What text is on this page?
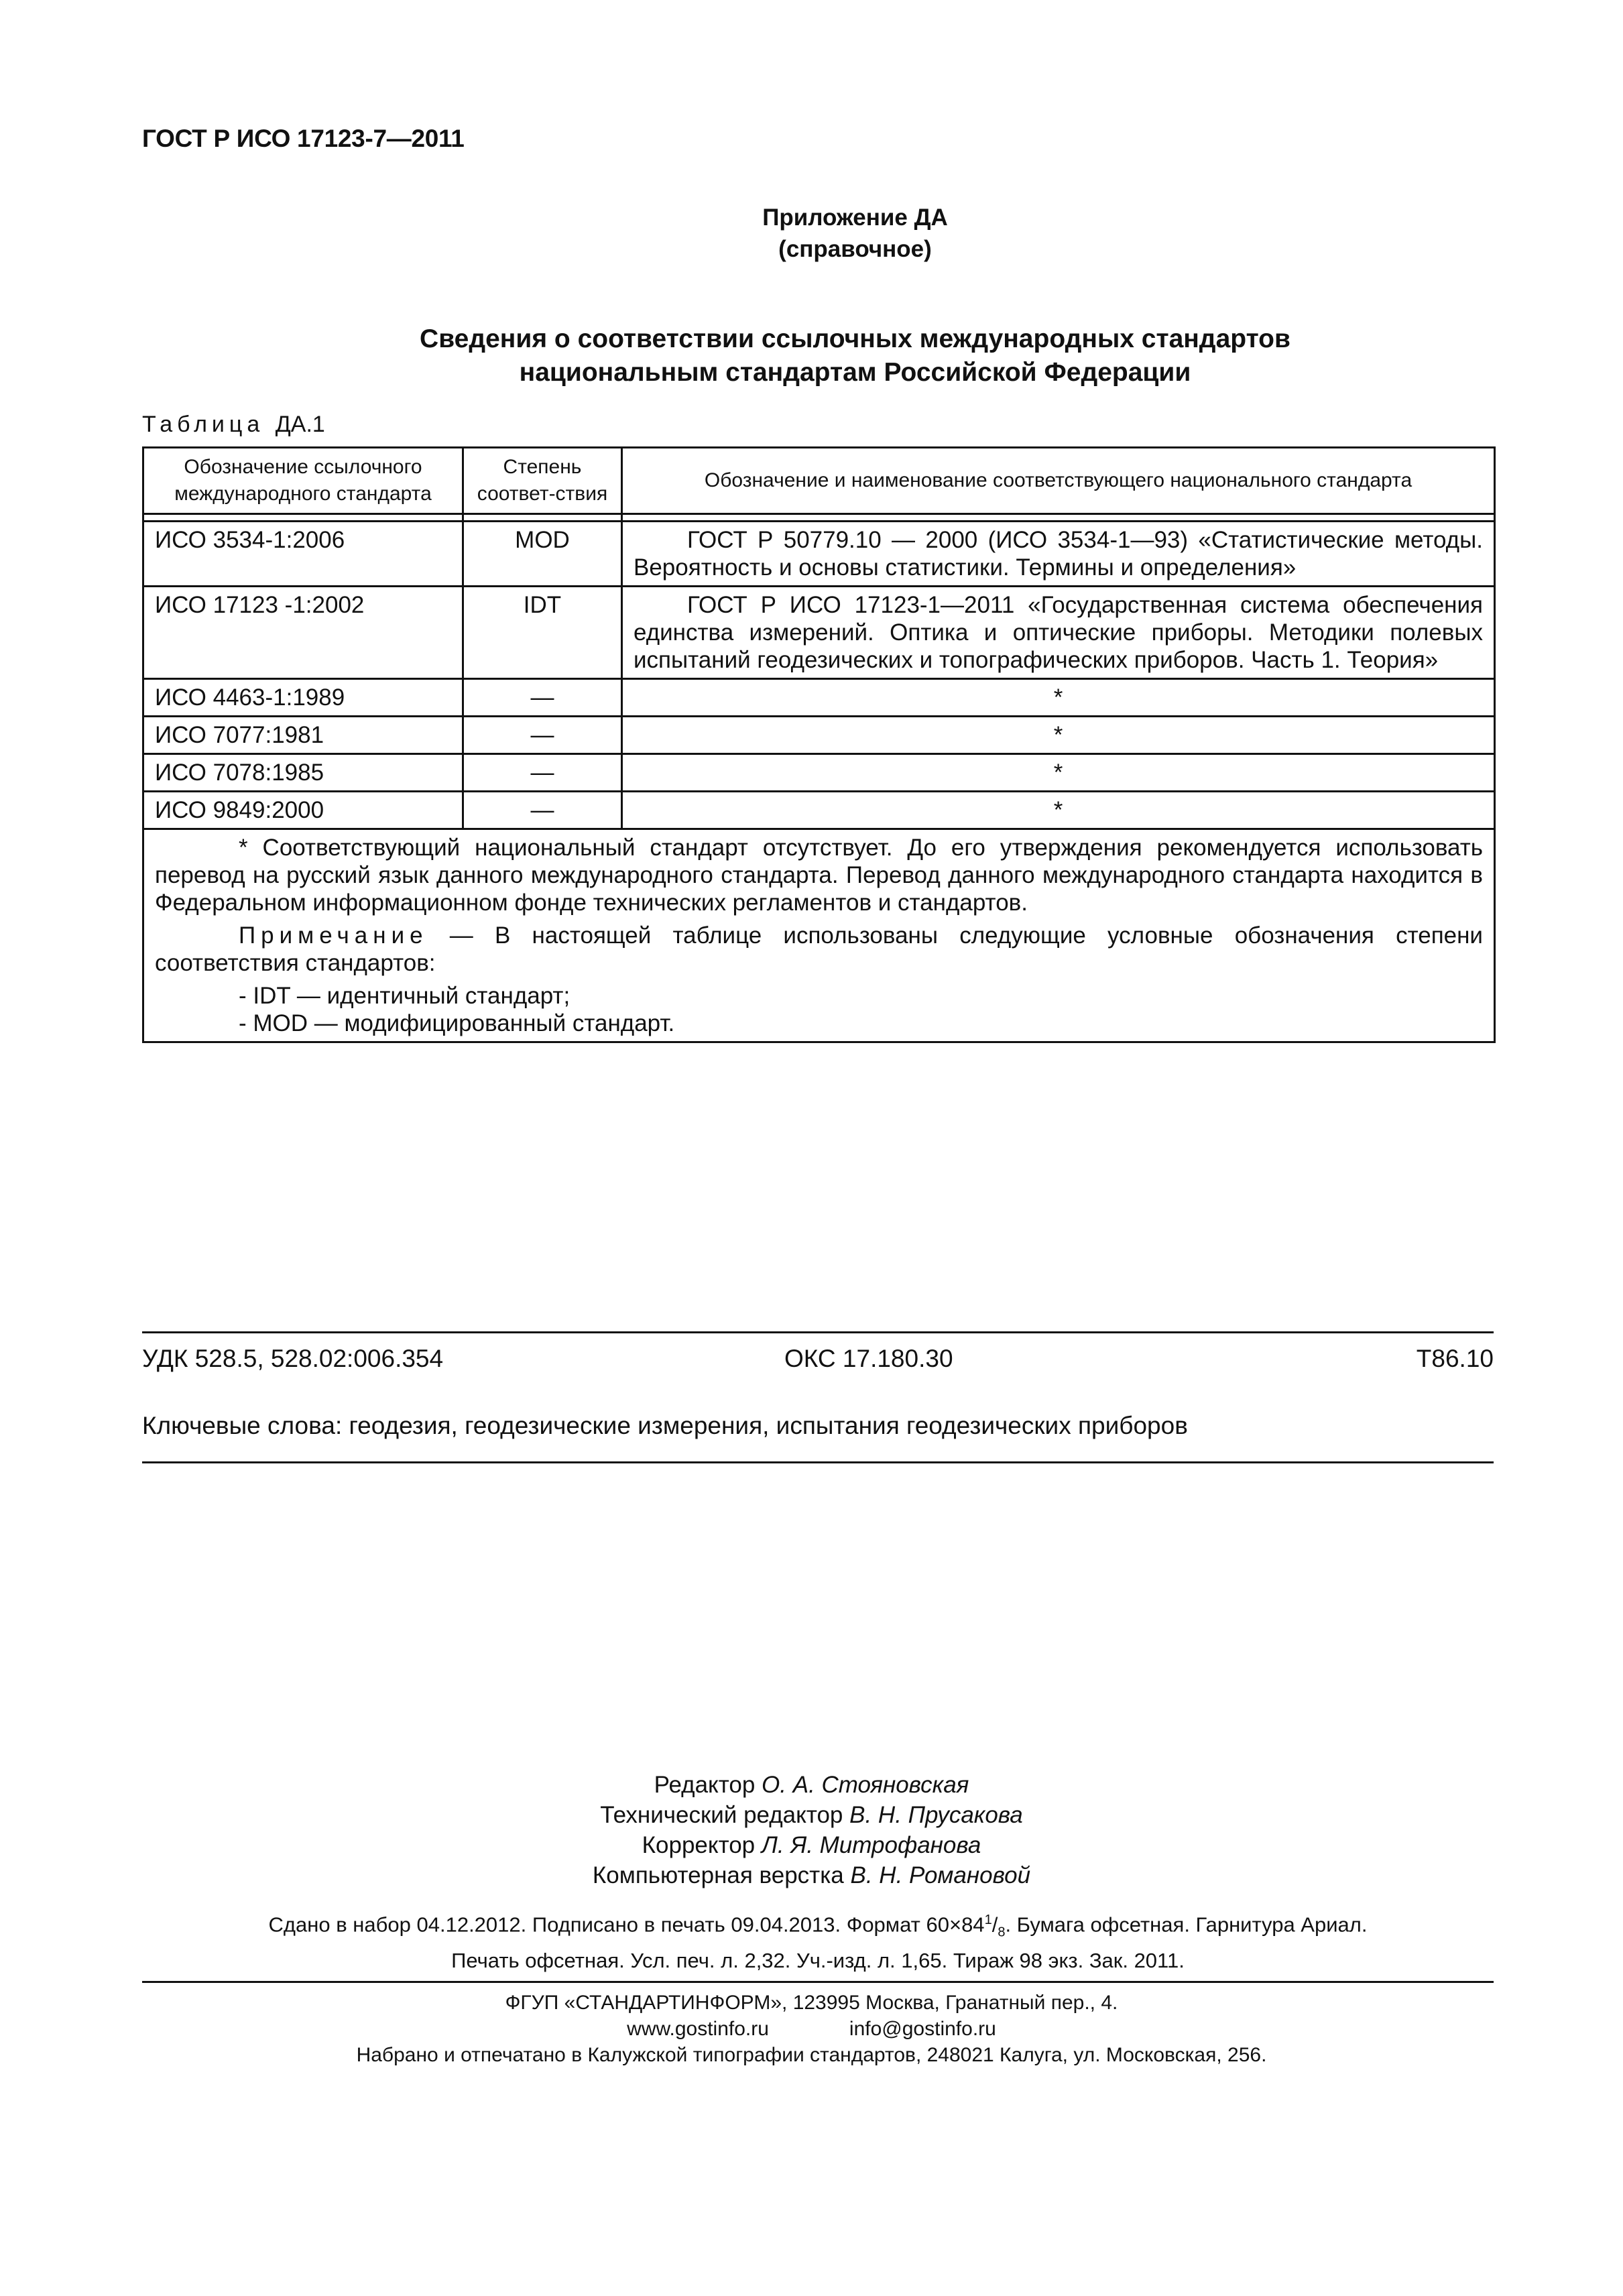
ГОСТ Р ИСО 17123-7—2011
Приложение ДА
(справочное)
Сведения о соответствии ссылочных международных стандартов
национальным стандартам Российской Федерации
Таблица ДА.1
Обозначение ссылочного международного стандарта	Степень соответ-ствия	Обозначение и наименование соответствующего национального стандарта

ИСО 3534-1:2006	MOD	ГОСТ Р 50779.10 — 2000 (ИСО 3534-1—93) «Статистические методы. Вероятность и основы статистики. Термины и определения»
ИСО 17123 -1:2002	IDT	ГОСТ Р ИСО 17123-1—2011 «Государственная система обеспечения единства измерений. Оптика и оптические приборы. Методики полевых испытаний геодезических и топографических приборов. Часть 1. Теория»
ИСО 4463-1:1989	—	*
ИСО 7077:1981	—	*
ИСО 7078:1985	—	*
ИСО 9849:2000	—	*

* Соответствующий национальный стандарт отсутствует. До его утверждения рекомендуется использовать перевод на русский язык данного международного стандарта. Перевод данного международного стандарта находится в Федеральном информационном фонде технических регламентов и стандартов.

Примечание — В настоящей таблице использованы следующие условные обозначения степени соответствия стандартов:

- IDT — идентичный стандарт;

- MOD — модифицированный стандарт.		

УДК 528.5, 528.02:006.354	ОКС 17.180.30	Т86.10
Ключевые слова: геодезия, геодезические измерения, испытания геодезических приборов
Редактор О. А. Стояновская
Технический редактор В. Н. Прусакова
Корректор Л. Я. Митрофанова
Компьютерная верстка В. Н. Романовой
Сдано в набор 04.12.2012. Подписано в печать 09.04.2013. Формат $60\times 84^1/_8$. Бумага офсетная. Гарнитура Ариал.
Печать офсетная. Усл. печ. л. 2,32. Уч.-изд. л. 1,65. Тираж 98 экз. Зак. 2011.
ФГУП «СТАНДАРТИНФОРМ», 123995 Москва, Гранатный пер., 4.
www.gostinfo.ru	info@gostinfo.ru
Набрано и отпечатано в Калужской типографии стандартов, 248021 Калуга, ул. Московская, 256.
